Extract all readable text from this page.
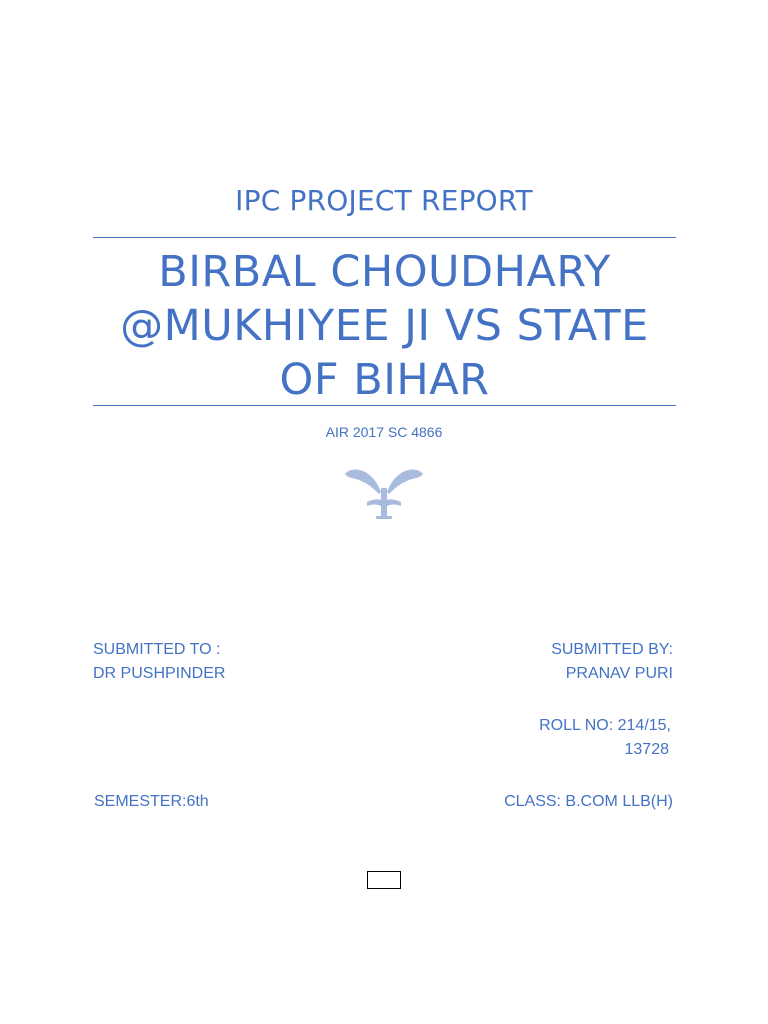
IPC PROJECT REPORT
BIRBAL CHOUDHARY @MUKHIYEE JI VS STATE OF BIHAR
AIR 2017 SC 4866
SUBMITTED TO :
DR PUSHPINDER
SUBMITTED BY:
PRANAV PURI
ROLL NO: 214/15,
13728
SEMESTER:6th	CLASS: B.COM LLB(H)
